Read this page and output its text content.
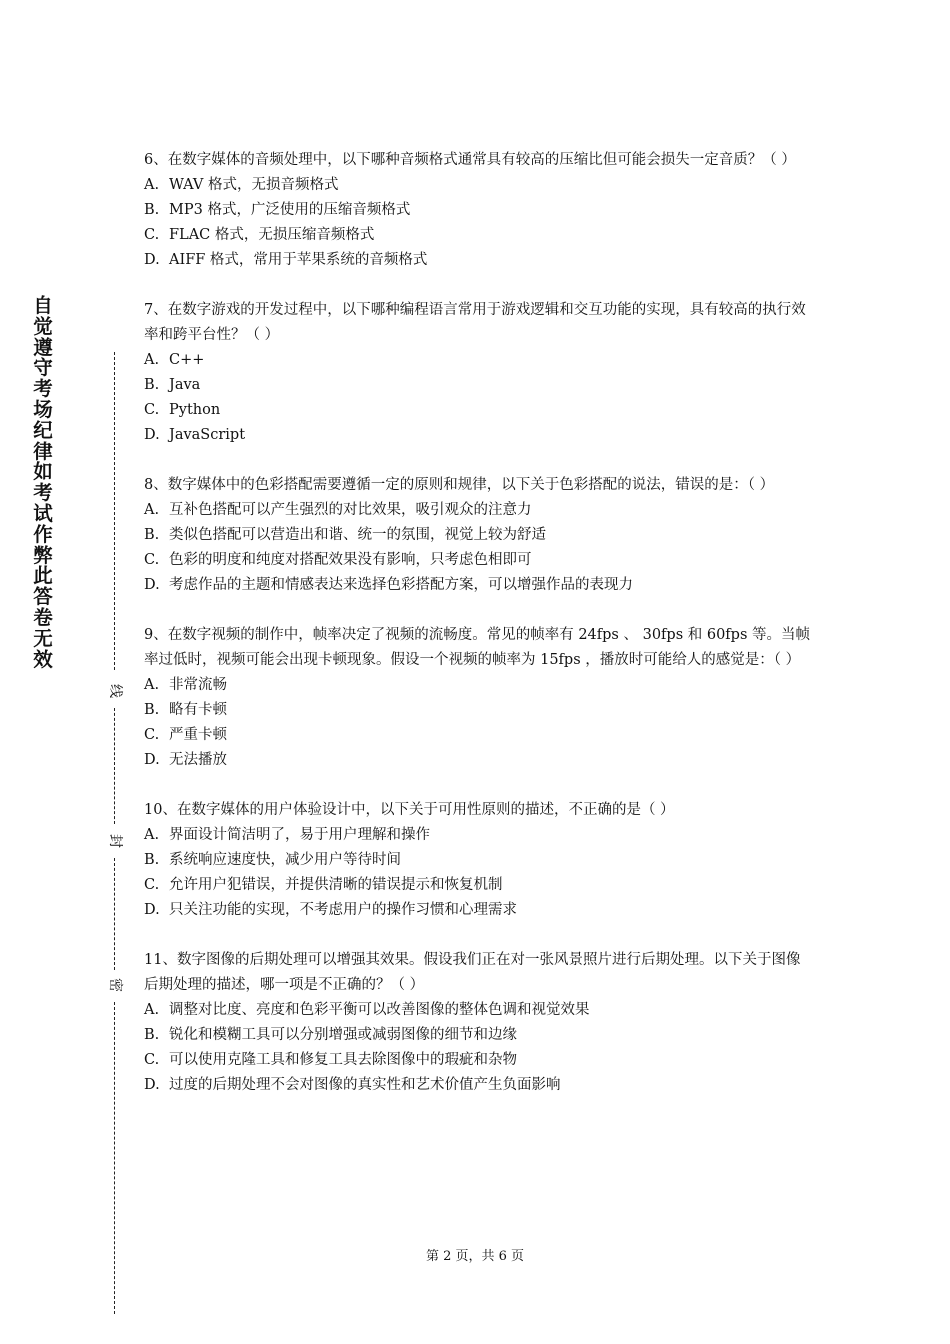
自觉遵守考场纪律如考试作弊此答卷无效
线
封
密

6、在数字媒体的音频处理中，以下哪种音频格式通常具有较高的压缩比但可能会损失一定音质？（ ）

A. WAV 格式，无损音频格式

B. MP3 格式，广泛使用的压缩音频格式

C. FLAC 格式，无损压缩音频格式

D. AIFF 格式，常用于苹果系统的音频格式

7、在数字游戏的开发过程中，以下哪种编程语言常用于游戏逻辑和交互功能的实现，具有较高的执行效率和跨平台性？（ ）

A. C++

B. Java

C. Python

D. JavaScript

8、数字媒体中的色彩搭配需要遵循一定的原则和规律，以下关于色彩搭配的说法，错误的是：（ ）

A. 互补色搭配可以产生强烈的对比效果，吸引观众的注意力

B. 类似色搭配可以营造出和谐、统一的氛围，视觉上较为舒适

C. 色彩的明度和纯度对搭配效果没有影响，只考虑色相即可

D. 考虑作品的主题和情感表达来选择色彩搭配方案，可以增强作品的表现力

9、在数字视频的制作中，帧率决定了视频的流畅度。常见的帧率有 24fps 、 30fps 和 60fps 等。当帧率过低时，视频可能会出现卡顿现象。假设一个视频的帧率为 15fps ，播放时可能给人的感觉是：（ ）

A. 非常流畅

B. 略有卡顿

C. 严重卡顿

D. 无法播放

10、在数字媒体的用户体验设计中，以下关于可用性原则的描述，不正确的是（ ）

A. 界面设计简洁明了，易于用户理解和操作

B. 系统响应速度快，减少用户等待时间

C. 允许用户犯错误，并提供清晰的错误提示和恢复机制

D. 只关注功能的实现，不考虑用户的操作习惯和心理需求

11、数字图像的后期处理可以增强其效果。假设我们正在对一张风景照片进行后期处理。以下关于图像后期处理的描述，哪一项是不正确的？（ ）

A. 调整对比度、亮度和色彩平衡可以改善图像的整体色调和视觉效果

B. 锐化和模糊工具可以分别增强或减弱图像的细节和边缘

C. 可以使用克隆工具和修复工具去除图像中的瑕疵和杂物

D. 过度的后期处理不会对图像的真实性和艺术价值产生负面影响

第 2 页，共 6 页
